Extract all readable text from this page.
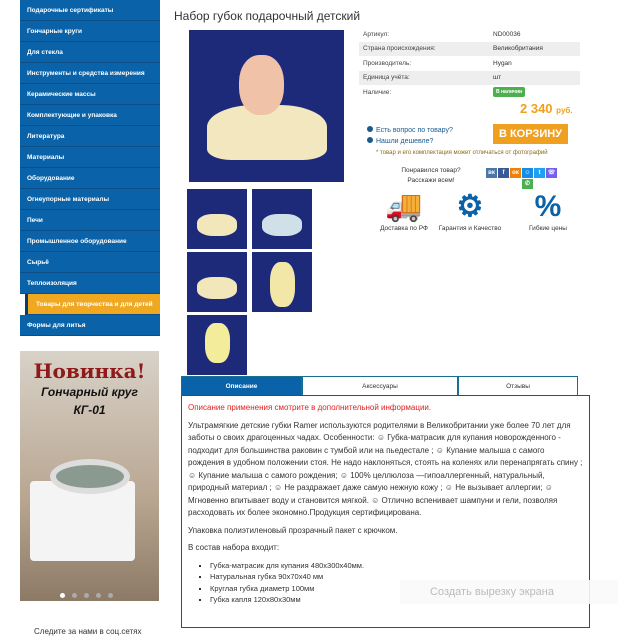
Подарочные сертификаты
Гончарные круги
Для стекла
Инструменты и средства измерения
Керамические массы
Комплектующие и упаковка
Литература
Материалы
Оборудование
Огнеупорные материалы
Печи
Промышленное оборудование
Сырьё
Теплоизоляция
Товары для творчества и для детей
Формы для литья
Новинка!
Гончарный круг
КГ-01
Следите за нами в соц.сетях
Набор губок подарочный детский
Артикул:	ND00036
Страна происхождения:	Великобритания
Производитель:	Hygan
Единица учёта:	шт
Наличие:	В наличии
2 340 руб.
Есть вопрос по товару?
Нашли дешевле?
В КОРЗИНУ
* товар и его комплектация может отличаться от фотографий
Понравился товар?
Расскажи всем!
вк	f	ок ☺	t	☏
✆
🚚
Доставка по РФ
⚙
Гарантия и Качество
%
Гибкие цены
Описание	Аксессуары	Отзывы
Описание применения смотрите в дополнительной информации.

Ультрамягкие детские губки Ramer используются родителями в Великобритании уже более 70 лет для заботы о своих драгоценных чадах. Особенности: ☺ Губка-матрасик для купания новорожденного - подходит для большинства раковин с тумбой или на пьедестале ; ☺ Купание малыша с самого рождения в удобном положении стоя. Не надо наклоняться, стоять на коленях или перенапрягать спину ; ☺ Купание малыша с самого рождения; ☺ 100% целлюлоза —гипоаллергенный, натуральный, природный материал ; ☺ Не раздражает даже самую нежную кожу ; ☺ Не вызывает аллергии; ☺ Мгновенно впитывает воду и становится мягкой. ☺ Отлично вспенивает шампуни и гели, позволяя расходовать их более экономно.Продукция сертифицирована.

Упаковка полиэтиленовый прозрачный пакет с крючком.

В состав набора входит:

▪ Губка-матрасик для купания 480х300х40мм.
▪ Натуральная губка 90х70х40 мм
▪ Круглая губка диаметр 100мм
▪ Губка капля 120х80х30мм
Создать вырезку экрана
